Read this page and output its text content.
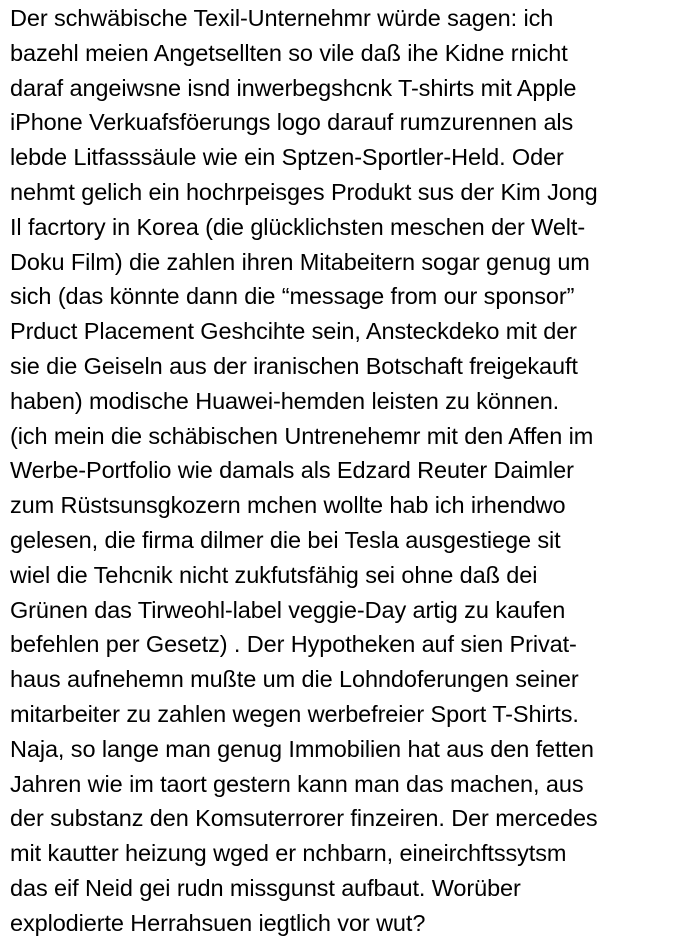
Der schwäbische Texil-Unternehmr würde sagen: ich
bazehl meien Angetsellten so vile daß ihe Kidne rnicht
daraf angeiwsne isnd inwerbegshcnk T-shirts mit Apple
iPhone Verkuafsföerungs logo darauf rumzurennen als
lebde Litfasssäule wie ein Sptzen-Sportler-Held. Oder
nehmt gelich ein hochrpeisges Produkt sus der Kim Jong
Il facrtory in Korea (die glücklichsten meschen der Welt-
Doku Film) die zahlen ihren Mitabeitern sogar genug um
sich (das könnte dann die “message from our sponsor”
Prduct Placement Geshcihte sein, Ansteckdeko mit der
sie die Geiseln aus der iranischen Botschaft freigekauft
haben) modische Huawei-hemden leisten zu können.
(ich mein die schäbischen Untrenehemr mit den Affen im
Werbe-Portfolio wie damals als Edzard Reuter Daimler
zum Rüstsunsgkozern mchen wollte hab ich irhendwo
gelesen, die firma dilmer die bei Tesla ausgestiege sit
wiel die Tehcnik nicht zukfutsfähig sei ohne daß dei
Grünen das Tirweohl-label veggie-Day artig zu kaufen
befehlen per Gesetz) . Der Hypotheken auf sien Privat-
haus aufnehemn mußte um die Lohndoferungen seiner
mitarbeiter zu zahlen wegen werbefreier Sport T-Shirts.
Naja, so lange man genug Immobilien hat aus den fetten
Jahren wie im taort gestern kann man das machen, aus
der substanz den Komsuterrorer finzeiren. Der mercedes
mit kautter heizung wged er nchbarn, eineirchftssytsm
das eif Neid gei rudn missgunst aufbaut. Worüber
explodierte Herrahsuen iegtlich vor wut?
